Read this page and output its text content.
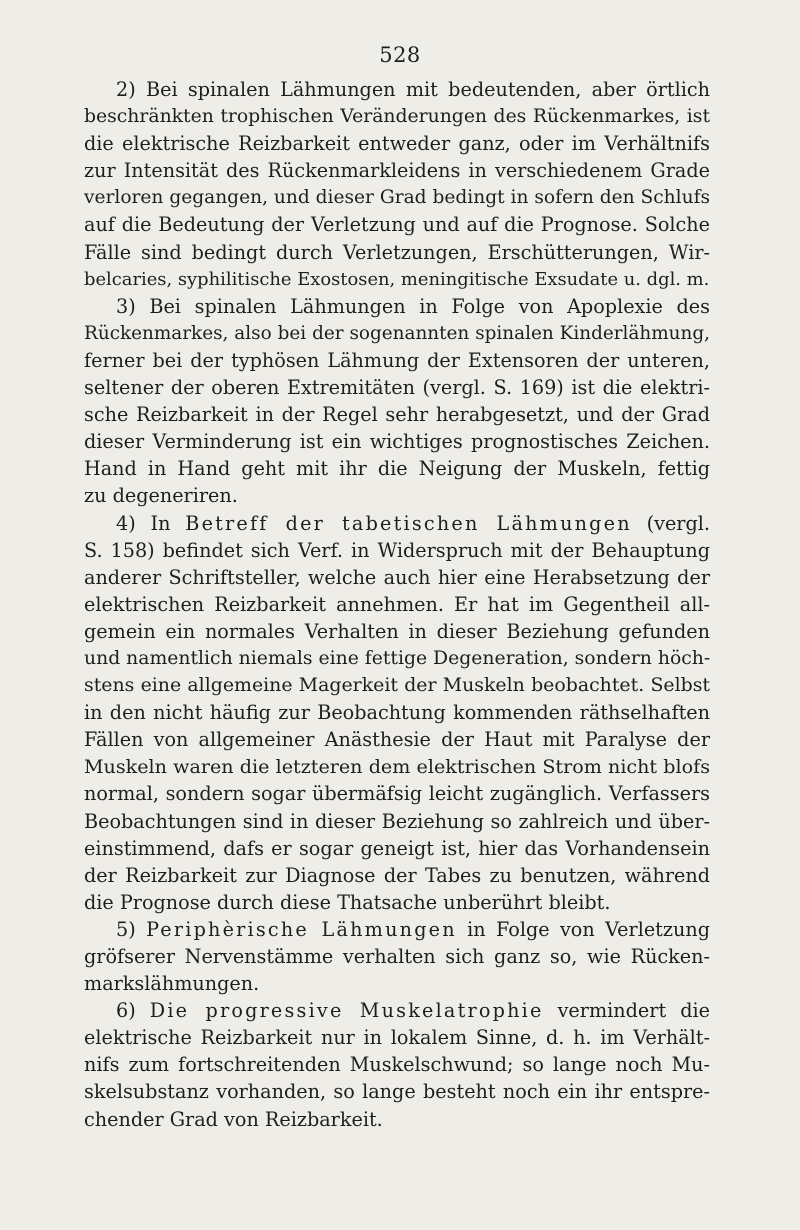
528

2) Bei spinalen Lähmungen mit bedeutenden, aber örtlich
beschränkten trophischen Veränderungen des Rückenmarkes, ist
die elektrische Reizbarkeit entweder ganz, oder im Verhältnifs
zur Intensität des Rückenmarkleidens in verschiedenem Grade
verloren gegangen, und dieser Grad bedingt in sofern den Schlufs
auf die Bedeutung der Verletzung und auf die Prognose. Solche
Fälle sind bedingt durch Verletzungen, Erschütterungen, Wir-
belcaries, syphilitische Exostosen, meningitische Exsudate u. dgl. m.

3) Bei spinalen Lähmungen in Folge von Apoplexie des
Rückenmarkes, also bei der sogenannten spinalen Kinderlähmung,
ferner bei der typhösen Lähmung der Extensoren der unteren,
seltener der oberen Extremitäten (vergl. S. 169) ist die elektri-
sche Reizbarkeit in der Regel sehr herabgesetzt, und der Grad
dieser Verminderung ist ein wichtiges prognostisches Zeichen.
Hand in Hand geht mit ihr die Neigung der Muskeln, fettig
zu degeneriren.

4) In Betreff der tabetischen Lähmungen (vergl.
S. 158) befindet sich Verf. in Widerspruch mit der Behauptung
anderer Schriftsteller, welche auch hier eine Herabsetzung der
elektrischen Reizbarkeit annehmen. Er hat im Gegentheil all-
gemein ein normales Verhalten in dieser Beziehung gefunden
und namentlich niemals eine fettige Degeneration, sondern höch-
stens eine allgemeine Magerkeit der Muskeln beobachtet. Selbst
in den nicht häufig zur Beobachtung kommenden räthselhaften
Fällen von allgemeiner Anästhesie der Haut mit Paralyse der
Muskeln waren die letzteren dem elektrischen Strom nicht blofs
normal, sondern sogar übermäfsig leicht zugänglich. Verfassers
Beobachtungen sind in dieser Beziehung so zahlreich und über-
einstimmend, dafs er sogar geneigt ist, hier das Vorhandensein
der Reizbarkeit zur Diagnose der Tabes zu benutzen, während
die Prognose durch diese Thatsache unberührt bleibt.

5) Periphèrische Lähmungen in Folge von Verletzung
gröfserer Nervenstämme verhalten sich ganz so, wie Rücken-
markslähmungen.

6) Die progressive Muskelatrophie vermindert die
elektrische Reizbarkeit nur in lokalem Sinne, d. h. im Verhält-
nifs zum fortschreitenden Muskelschwund; so lange noch Mu-
skelsubstanz vorhanden, so lange besteht noch ein ihr entspre-
chender Grad von Reizbarkeit.
